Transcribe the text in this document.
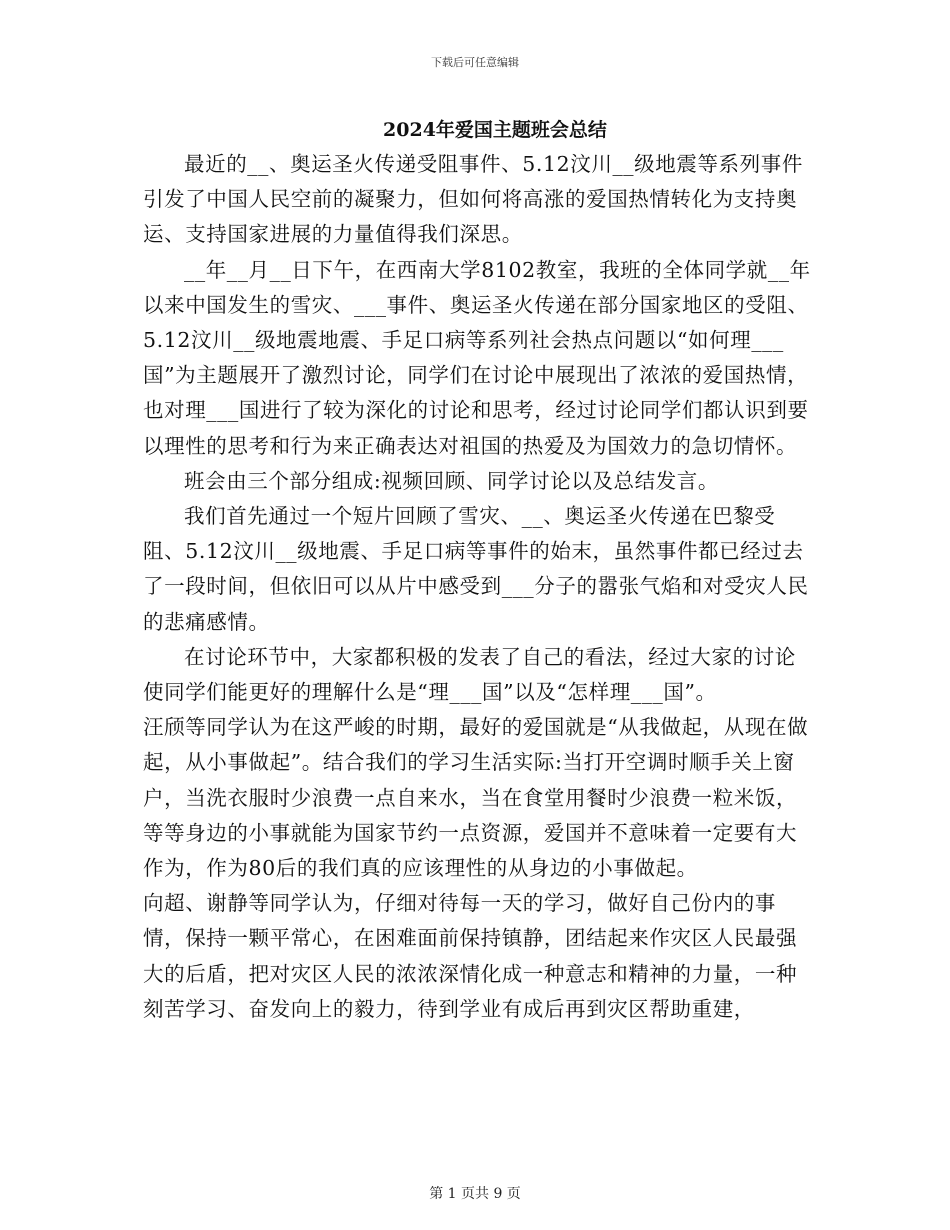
下载后可任意编辑
2024年爱国主题班会总结

最近的__、奥运圣火传递受阻事件、5.12汶川__级地震等系列事件引发了中国人民空前的凝聚力，但如何将高涨的爱国热情转化为支持奥运、支持国家进展的力量值得我们深思。

__年__月__日下午，在西南大学8102教室，我班的全体同学就__年以来中国发生的雪灾、___事件、奥运圣火传递在部分国家地区的受阻、5.12汶川__级地震地震、手足口病等系列社会热点问题以“如何理___国”为主题展开了激烈讨论，同学们在讨论中展现出了浓浓的爱国热情，也对理___国进行了较为深化的讨论和思考，经过讨论同学们都认识到要以理性的思考和行为来正确表达对祖国的热爱及为国效力的急切情怀。

班会由三个部分组成:视频回顾、同学讨论以及总结发言。

我们首先通过一个短片回顾了雪灾、__、奥运圣火传递在巴黎受阻、5.12汶川__级地震、手足口病等事件的始末，虽然事件都已经过去了一段时间，但依旧可以从片中感受到___分子的嚣张气焰和对受灾人民的悲痛感情。

在讨论环节中，大家都积极的发表了自己的看法，经过大家的讨论使同学们能更好的理解什么是“理___国”以及“怎样理___国”。

汪颀等同学认为在这严峻的时期，最好的爱国就是“从我做起，从现在做起，从小事做起”。结合我们的学习生活实际:当打开空调时顺手关上窗户，当洗衣服时少浪费一点自来水，当在食堂用餐时少浪费一粒米饭，等等身边的小事就能为国家节约一点资源，爱国并不意味着一定要有大作为，作为80后的我们真的应该理性的从身边的小事做起。

向超、谢静等同学认为，仔细对待每一天的学习，做好自己份内的事情，保持一颗平常心，在困难面前保持镇静，团结起来作灾区人民最强大的后盾，把对灾区人民的浓浓深情化成一种意志和精神的力量，一种刻苦学习、奋发向上的毅力，待到学业有成后再到灾区帮助重建，

第 1 页共 9 页
